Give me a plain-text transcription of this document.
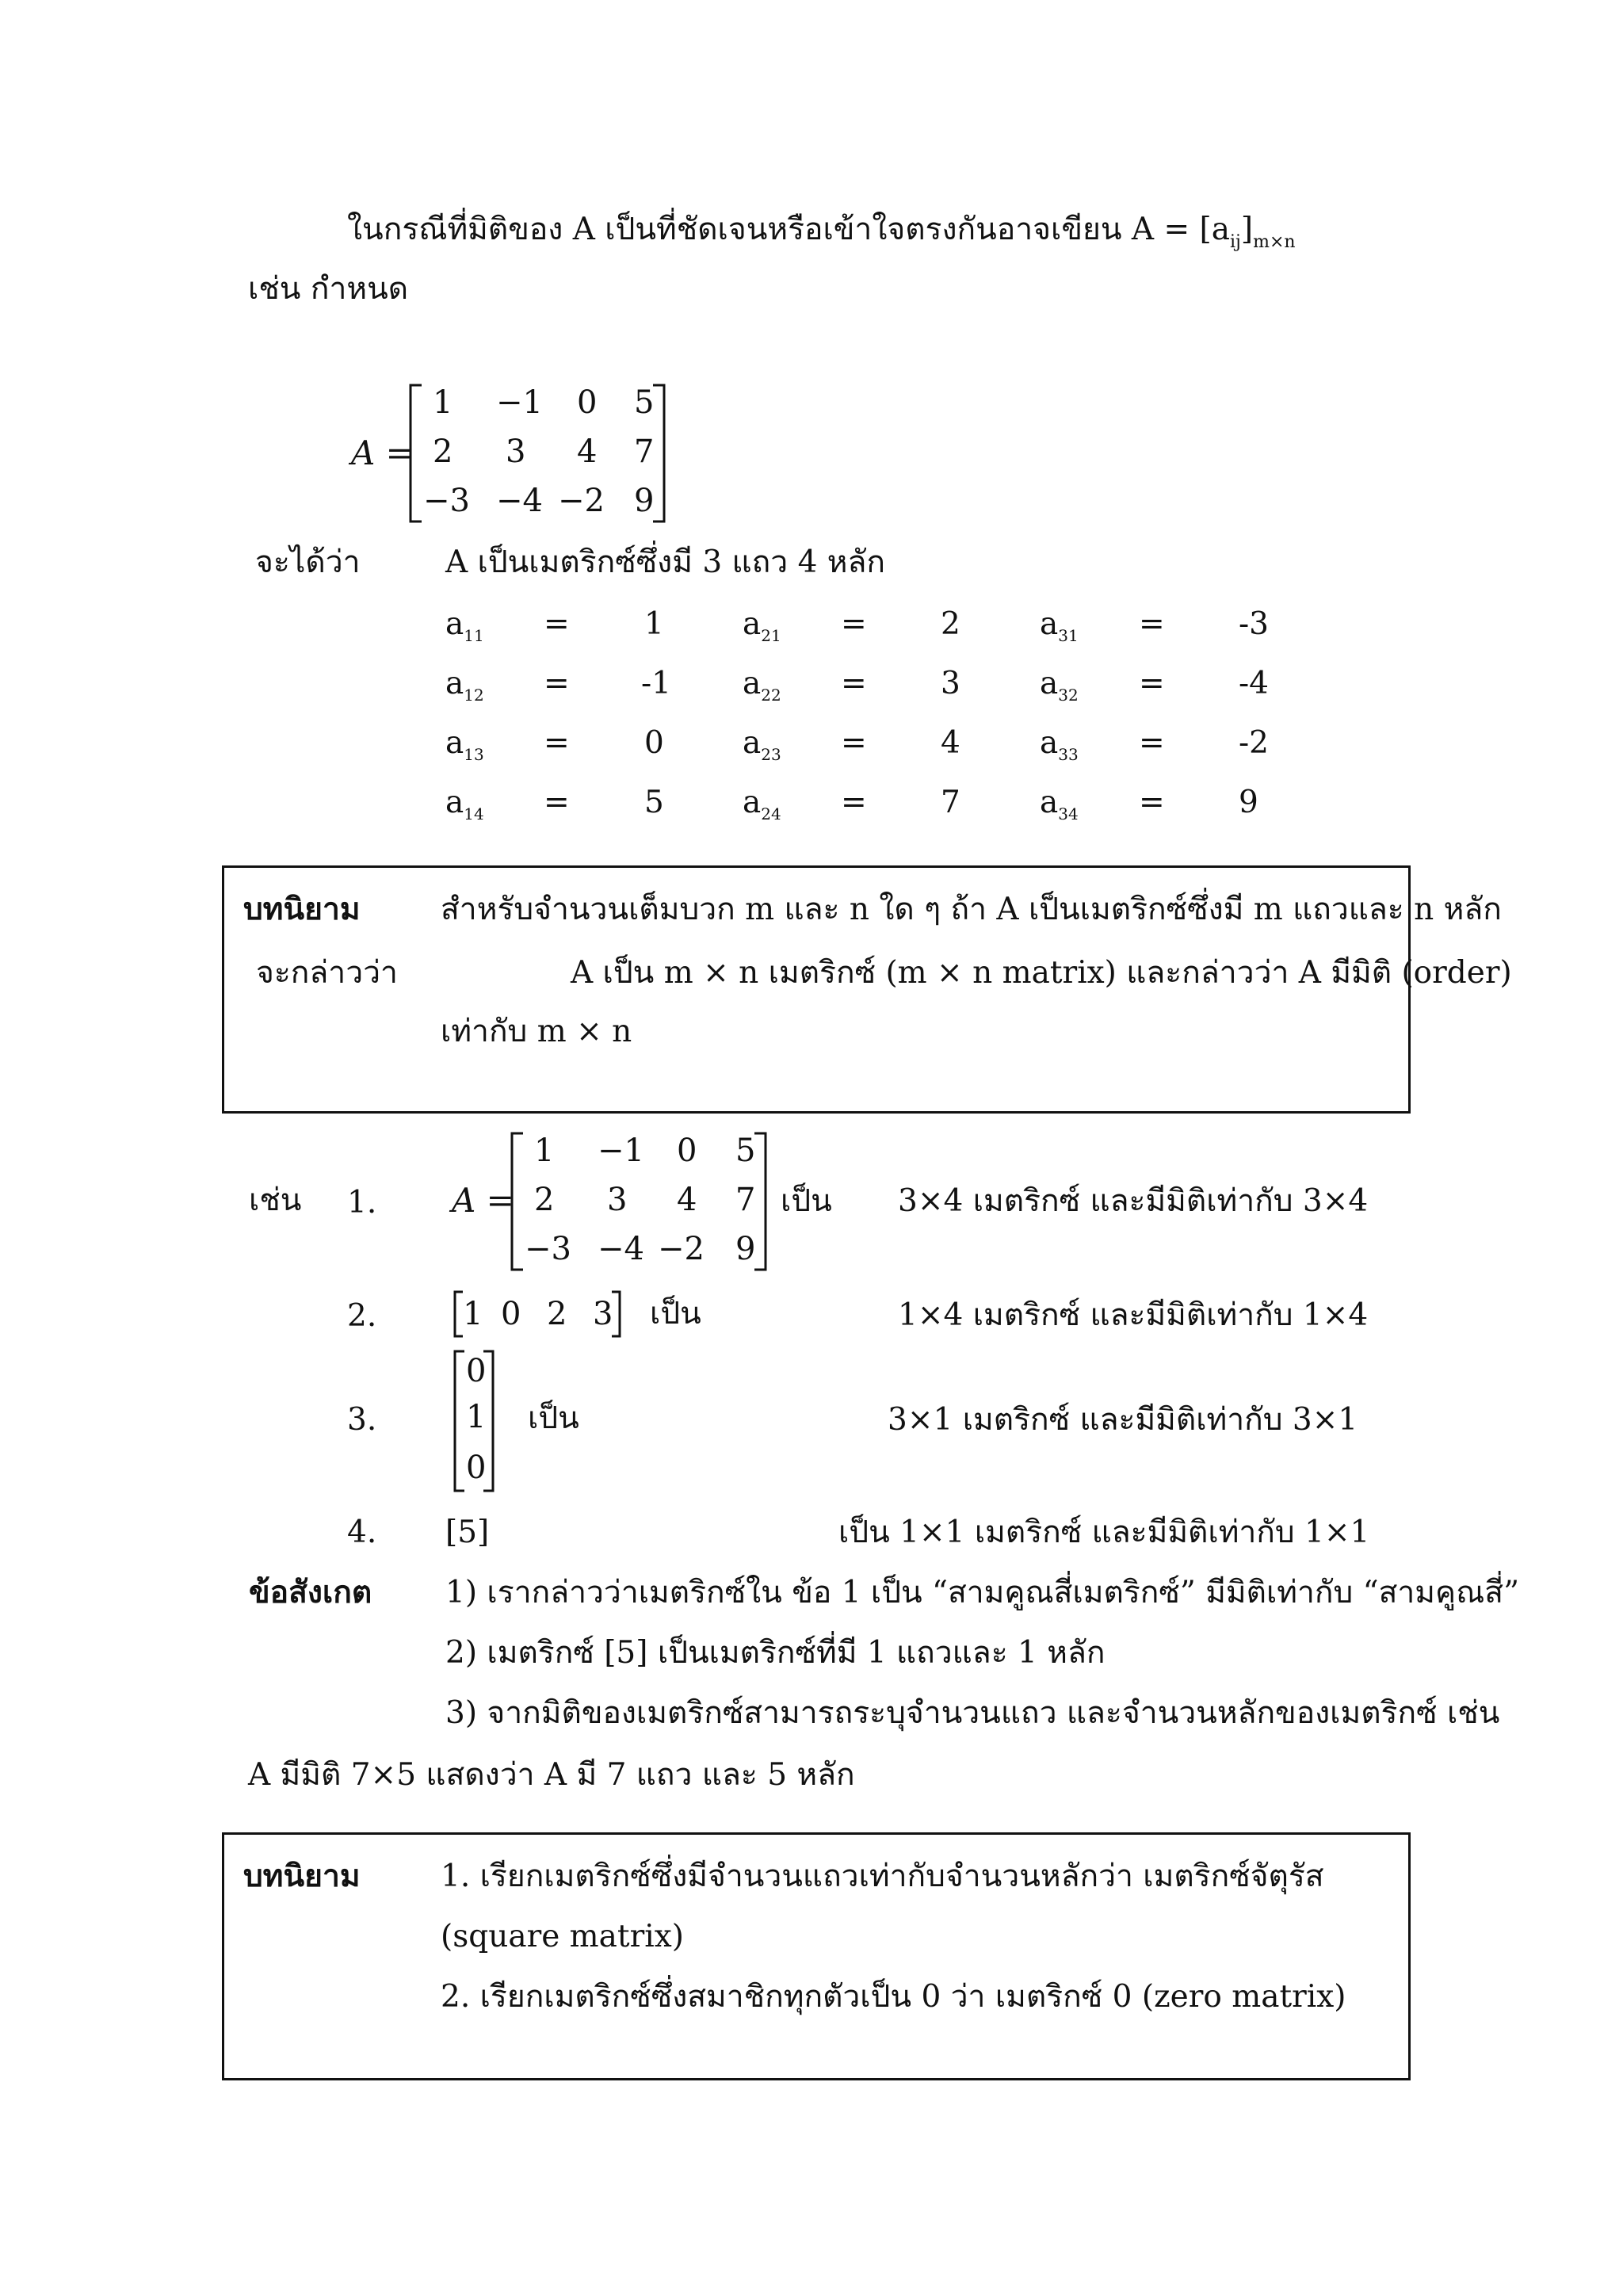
ในกรณีที่มิติของ A เป็นที่ชัดเจนหรือเข้าใจตรงกันอาจเขียน $A = [a_{ij}]_{m\times n}$
เช่น กำหนด
A =
1 −1 0 5
2 3 4 7
−3 −4 −2 9
จะได้ว่า	A เป็นเมตริกซ์ซึ่งมี 3 แถว 4 หลัก
$a_{11} = 1$	$a_{21} = 2$	$a_{31} = -3$
$a_{12} = -1$ $a_{22} = 3$	$a_{32} = -4$
$a_{13} = 0$	$a_{23} = 4$	$a_{33} = -2$
$a_{14} = 5$	$a_{24} = 7$	$a_{34} = 9$
บทนิยาม	สำหรับจำนวนเต็มบวก m และ n ใด ๆ ถ้า A เป็นเมตริกซ์ซึ่งมี m แถวและ n หลัก
จะกล่าวว่า	A เป็น m × n เมตริกซ์ (m × n matrix) และกล่าวว่า A มีมิติ (order)
เท่ากับ m × n
เช่น 1. A =
1 −1 0 5
2 3 4 7
−3 −4 −2 9
เป็น 3×4 เมตริกซ์ และมีมิติเท่ากับ 3×4
2.	1 0 2 3 เป็น	1×4 เมตริกซ์ และมีมิติเท่ากับ 1×4
3.
0
1
0
เป็น	3×1 เมตริกซ์ และมีมิติเท่ากับ 3×1
4. [5]	เป็น 1×1 เมตริกซ์ และมีมิติเท่ากับ 1×1
ข้อสังเกต 1) เรากล่าวว่าเมตริกซ์ใน ข้อ 1 เป็น “สามคูณสี่เมตริกซ์” มีมิติเท่ากับ “สามคูณสี่”
2) เมตริกซ์ [5] เป็นเมตริกซ์ที่มี 1 แถวและ 1 หลัก
3) จากมิติของเมตริกซ์สามารถระบุจำนวนแถว และจำนวนหลักของเมตริกซ์ เช่น
A มีมิติ 7×5 แสดงว่า A มี 7 แถว และ 5 หลัก
บทนิยาม	1. เรียกเมตริกซ์ซึ่งมีจำนวนแถวเท่ากับจำนวนหลักว่า เมตริกซ์จัตุรัส
(square matrix)
2. เรียกเมตริกซ์ซึ่งสมาชิกทุกตัวเป็น 0 ว่า เมตริกซ์ 0 (zero matrix)
